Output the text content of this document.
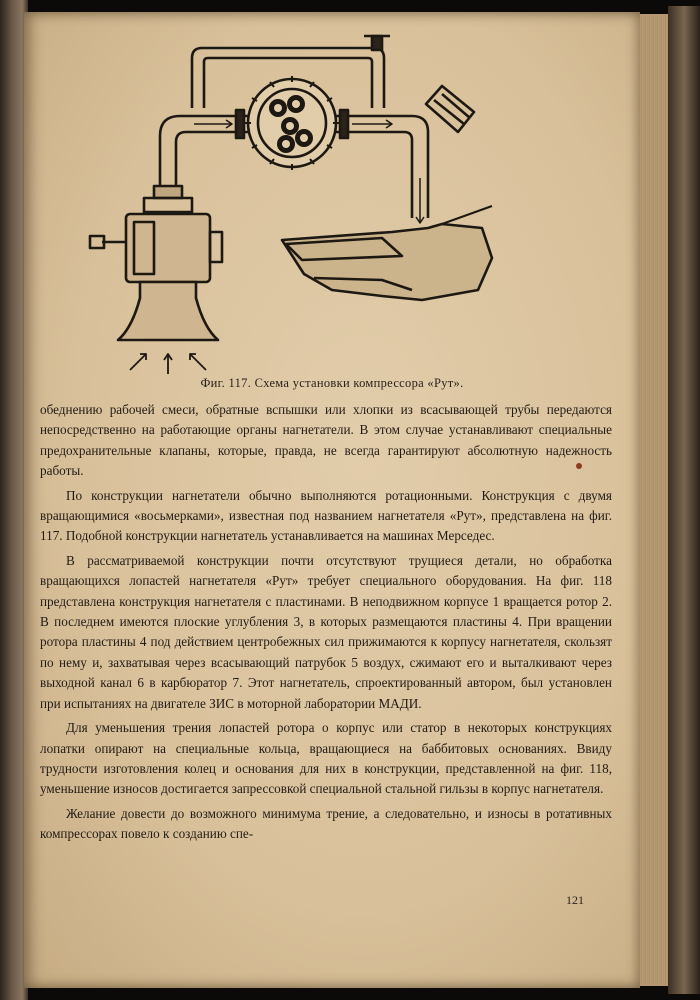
Фиг. 117. Схема установки компрессора «Рут».

обеднению рабочей смеси, обратные вспышки или хлопки из всасывающей трубы передаются непосредственно на работающие органы нагнетатели. В этом случае устанавливают специальные предохранительные клапаны, которые, правда, не всегда гарантируют абсолютную надежность работы.

По конструкции нагнетатели обычно выполняются ротационными. Конструкция с двумя вращающимися «восьмерками», известная под названием нагнетателя «Рут», представлена на фиг. 117. Подобной конструкции нагнетатель устанавливается на машинах Мерседес.

В рассматриваемой конструкции почти отсутствуют трущиеся детали, но обработка вращающихся лопастей нагнетателя «Рут» требует специального оборудования. На фиг. 118 представлена конструкция нагнетателя с пластинами. В неподвижном корпусе 1 вращается ротор 2. В последнем имеются плоские углубления 3, в которых размещаются пластины 4. При вращении ротора пластины 4 под действием центробежных сил прижимаются к корпусу нагнетателя, скользят по нему и, захватывая через всасывающий патрубок 5 воздух, сжимают его и выталкивают через выходной канал 6 в карбюратор 7. Этот нагнетатель, спроектированный автором, был установлен при испытаниях на двигателе ЗИС в моторной лаборатории МАДИ.

Для уменьшения трения лопастей ротора о корпус или статор в некоторых конструкциях лопатки опирают на специальные кольца, вращающиеся на баббитовых основаниях. Ввиду трудности изготовления колец и основания для них в конструкции, представленной на фиг. 118, уменьшение износов достигается запрессовкой специальной стальной гильзы в корпус нагнетателя.

Желание довести до возможного минимума трение, а следовательно, и износы в ротативных компрессорах повело к созданию спе-

121
